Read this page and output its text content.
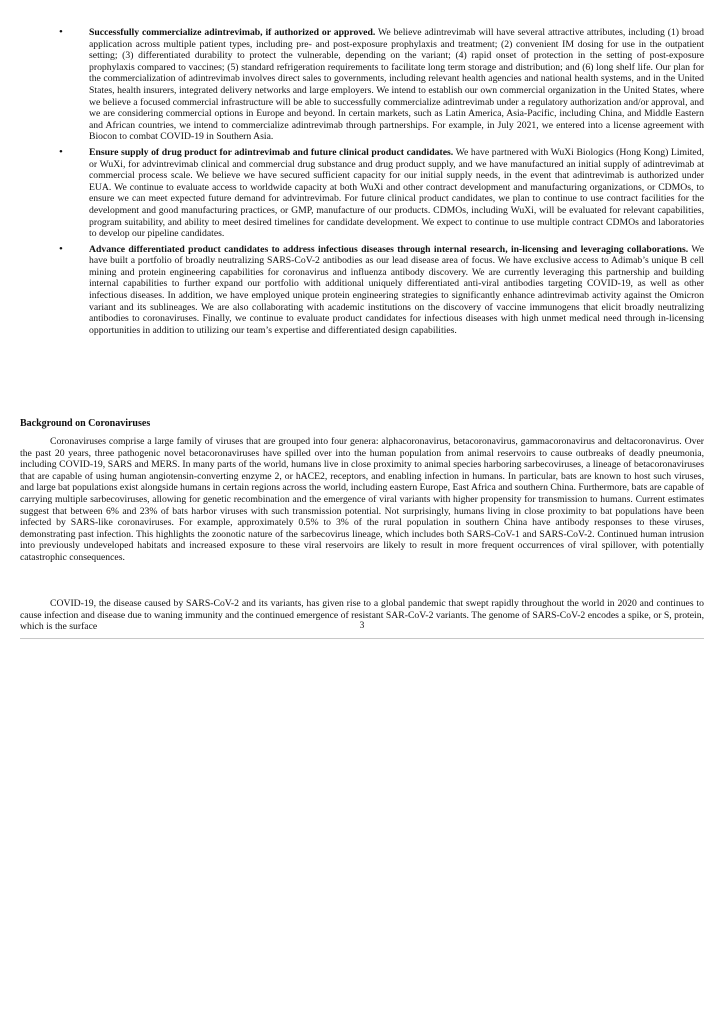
•	Successfully commercialize adintrevimab, if authorized or approved. We believe adintrevimab will have several attractive attributes, including (1) broad application across multiple patient types, including pre- and post-exposure prophylaxis and treatment; (2) convenient IM dosing for use in the outpatient setting; (3) differentiated durability to protect the vulnerable, depending on the variant; (4) rapid onset of protection in the setting of post-exposure prophylaxis compared to vaccines; (5) standard refrigeration requirements to facilitate long term storage and distribution; and (6) long shelf life. Our plan for the commercialization of adintrevimab involves direct sales to governments, including relevant health agencies and national health systems, and in the United States, health insurers, integrated delivery networks and large employers. We intend to establish our own commercial organization in the United States, where we believe a focused commercial infrastructure will be able to successfully commercialize adintrevimab under a regulatory authorization and/or approval, and we are considering commercial options in Europe and beyond. In certain markets, such as Latin America, Asia-Pacific, including China, and Middle Eastern and African countries, we intend to commercialize adintrevimab through partnerships. For example, in July 2021, we entered into a license agreement with Biocon to combat COVID-19 in Southern Asia.

•	Ensure supply of drug product for adintrevimab and future clinical product candidates. We have partnered with WuXi Biologics (Hong Kong) Limited, or WuXi, for advintrevimab clinical and commercial drug substance and drug product supply, and we have manufactured an initial supply of adintrevimab at commercial process scale. We believe we have secured sufficient capacity for our initial supply needs, in the event that adintrevimab is authorized under EUA. We continue to evaluate access to worldwide capacity at both WuXi and other contract development and manufacturing organizations, or CDMOs, to ensure we can meet expected future demand for advintrevimab. For future clinical product candidates, we plan to continue to use contract facilities for the development and good manufacturing practices, or GMP, manufacture of our products. CDMOs, including WuXi, will be evaluated for relevant capabilities, program suitability, and ability to meet desired timelines for candidate development. We expect to continue to use multiple contract CDMOs and laboratories to develop our pipeline candidates.

•	Advance differentiated product candidates to address infectious diseases through internal research, in-licensing and leveraging collaborations. We have built a portfolio of broadly neutralizing SARS-CoV-2 antibodies as our lead disease area of focus. We have exclusive access to Adimab’s unique B cell mining and protein engineering capabilities for coronavirus and influenza antibody discovery. We are currently leveraging this partnership and building internal capabilities to further expand our portfolio with additional uniquely differentiated anti-viral antibodies targeting COVID-19, as well as other infectious diseases. In addition, we have employed unique protein engineering strategies to significantly enhance adintrevimab activity against the Omicron variant and its sublineages. We are also collaborating with academic institutions on the discovery of vaccine immunogens that elicit broadly neutralizing antibodies to coronaviruses. Finally, we continue to evaluate product candidates for infectious diseases with high unmet medical need through in-licensing opportunities in addition to utilizing our team’s expertise and differentiated design capabilities.

Background on Coronaviruses

Coronaviruses comprise a large family of viruses that are grouped into four genera: alphacoronavirus, betacoronavirus, gammacoronavirus and deltacoronavirus. Over the past 20 years, three pathogenic novel betacoronaviruses have spilled over into the human population from animal reservoirs to cause outbreaks of deadly pneumonia, including COVID-19, SARS and MERS. In many parts of the world, humans live in close proximity to animal species harboring sarbecoviruses, a lineage of betacoronaviruses that are capable of using human angiotensin-converting enzyme 2, or hACE2, receptors, and enabling infection in humans. In particular, bats are known to host such viruses, and large bat populations exist alongside humans in certain regions across the world, including eastern Europe, East Africa and southern China. Furthermore, bats are capable of carrying multiple sarbecoviruses, allowing for genetic recombination and the emergence of viral variants with higher propensity for transmission to humans. Current estimates suggest that between 6% and 23% of bats harbor viruses with such transmission potential. Not surprisingly, humans living in close proximity to bat populations have been infected by SARS-like coronaviruses. For example, approximately 0.5% to 3% of the rural population in southern China have antibody responses to these viruses, demonstrating past infection. This highlights the zoonotic nature of the sarbecovirus lineage, which includes both SARS-CoV-1 and SARS-CoV-2. Continued human intrusion into previously undeveloped habitats and increased exposure to these viral reservoirs are likely to result in more frequent occurrences of viral spillover, with potentially catastrophic consequences.

COVID-19, the disease caused by SARS-CoV-2 and its variants, has given rise to a global pandemic that swept rapidly throughout the world in 2020 and continues to cause infection and disease due to waning immunity and the continued emergence of resistant SAR-CoV-2 variants. The genome of SARS-CoV-2 encodes a spike, or S, protein, which is the surface	3
